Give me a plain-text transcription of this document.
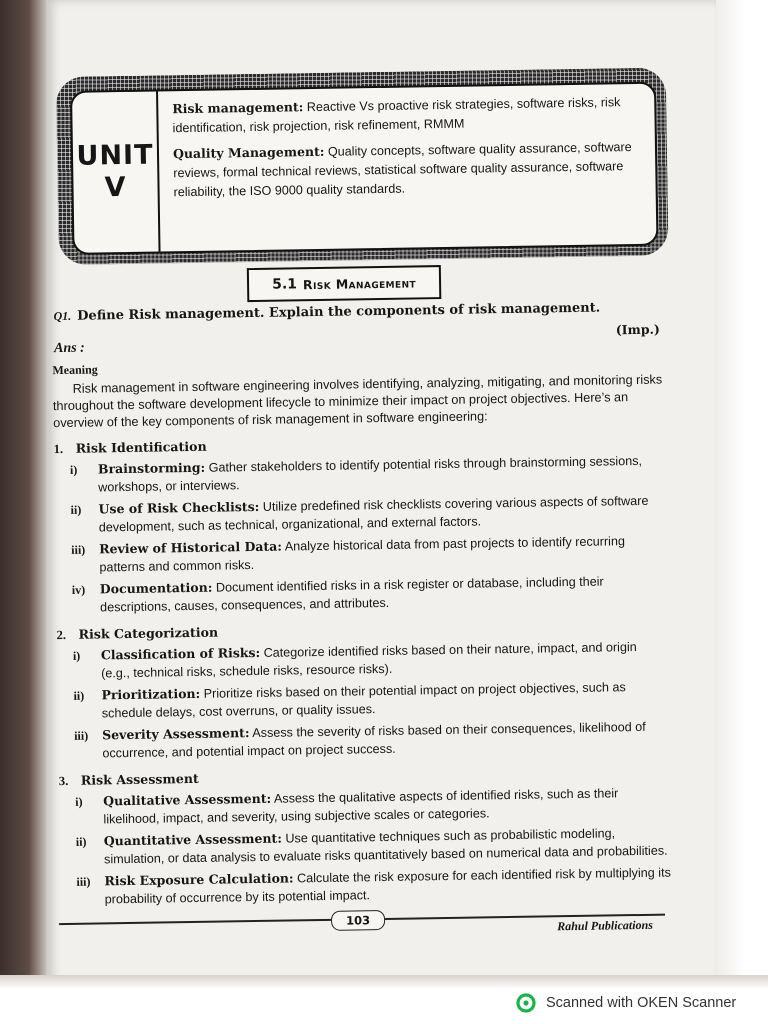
UNIT
V

Risk management: Reactive Vs proactive risk strategies, software risks, risk identification, risk projection, risk refinement, RMMM

Quality Management: Quality concepts, software quality assurance, software reviews, formal technical reviews, statistical software quality assurance, software reliability, the ISO 9000 quality standards.

5.1 Risk Management
Q1. Define Risk management. Explain the components of risk management.
(Imp.)
Ans :
Meaning
Risk management in software engineering involves identifying, analyzing, mitigating, and monitoring risks throughout the software development lifecycle to minimize their impact on project objectives. Here’s an overview of the key components of risk management in software engineering:
1. Risk Identification
i) Brainstorming: Gather stakeholders to identify potential risks through brainstorming sessions, workshops, or interviews.
ii) Use of Risk Checklists: Utilize predefined risk checklists covering various aspects of software development, such as technical, organizational, and external factors.
iii) Review of Historical Data: Analyze historical data from past projects to identify recurring patterns and common risks.
iv) Documentation: Document identified risks in a risk register or database, including their descriptions, causes, consequences, and attributes.
2. Risk Categorization
i) Classification of Risks: Categorize identified risks based on their nature, impact, and origin (e.g., technical risks, schedule risks, resource risks).
ii) Prioritization: Prioritize risks based on their potential impact on project objectives, such as schedule delays, cost overruns, or quality issues.
iii) Severity Assessment: Assess the severity of risks based on their consequences, likelihood of occurrence, and potential impact on project success.
3. Risk Assessment
i) Qualitative Assessment: Assess the qualitative aspects of identified risks, such as their likelihood, impact, and severity, using subjective scales or categories.
ii) Quantitative Assessment: Use quantitative techniques such as probabilistic modeling, simulation, or data analysis to evaluate risks quantitatively based on numerical data and probabilities.
iii) Risk Exposure Calculation: Calculate the risk exposure for each identified risk by multiplying its probability of occurrence by its potential impact.
103	Rahul Publications
Scanned with OKEN Scanner
